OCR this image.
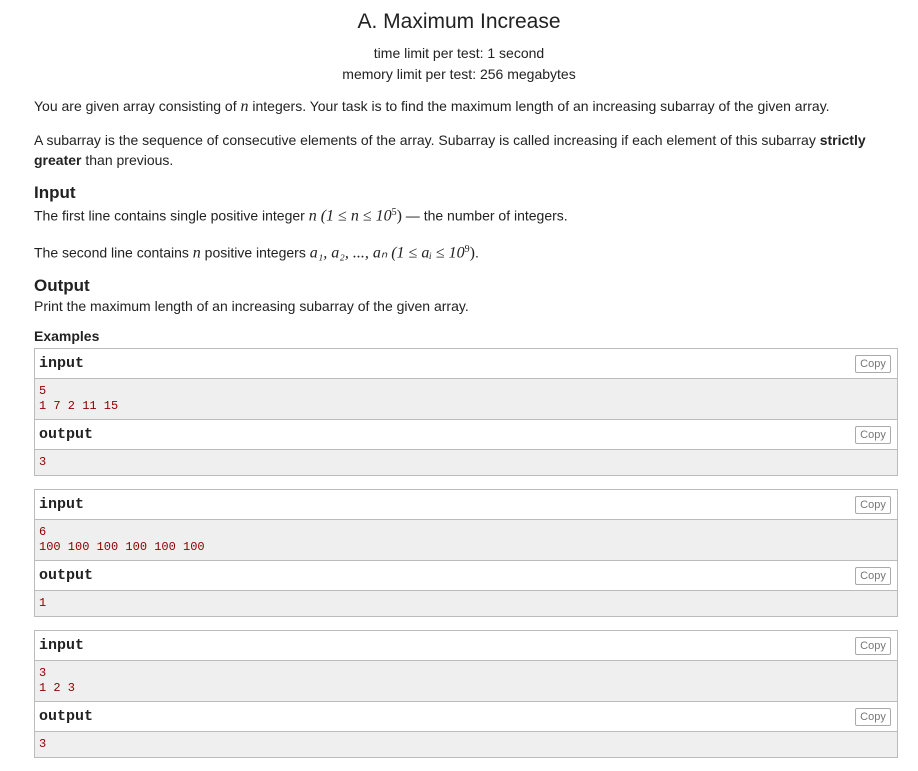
A. Maximum Increase
time limit per test: 1 second
memory limit per test: 256 megabytes

You are given array consisting of n integers. Your task is to find the maximum length of an increasing subarray of the given array.

A subarray is the sequence of consecutive elements of the array. Subarray is called increasing if each element of this subarray strictly greater than previous.

Input

The first line contains single positive integer n $(1 \le n \le 10^5)$ — the number of integers.

The second line contains n positive integers a₁, a₂, ..., aₙ (1 ≤ aᵢ ≤ $10^9$).

Output
Print the maximum length of an increasing subarray of the given array.
Examples
input	Copy
5
1 7 2 11 15
output	Copy
3
input	Copy
6
100 100 100 100 100 100
output	Copy
1
input	Copy
3
1 2 3
output	Copy
3
